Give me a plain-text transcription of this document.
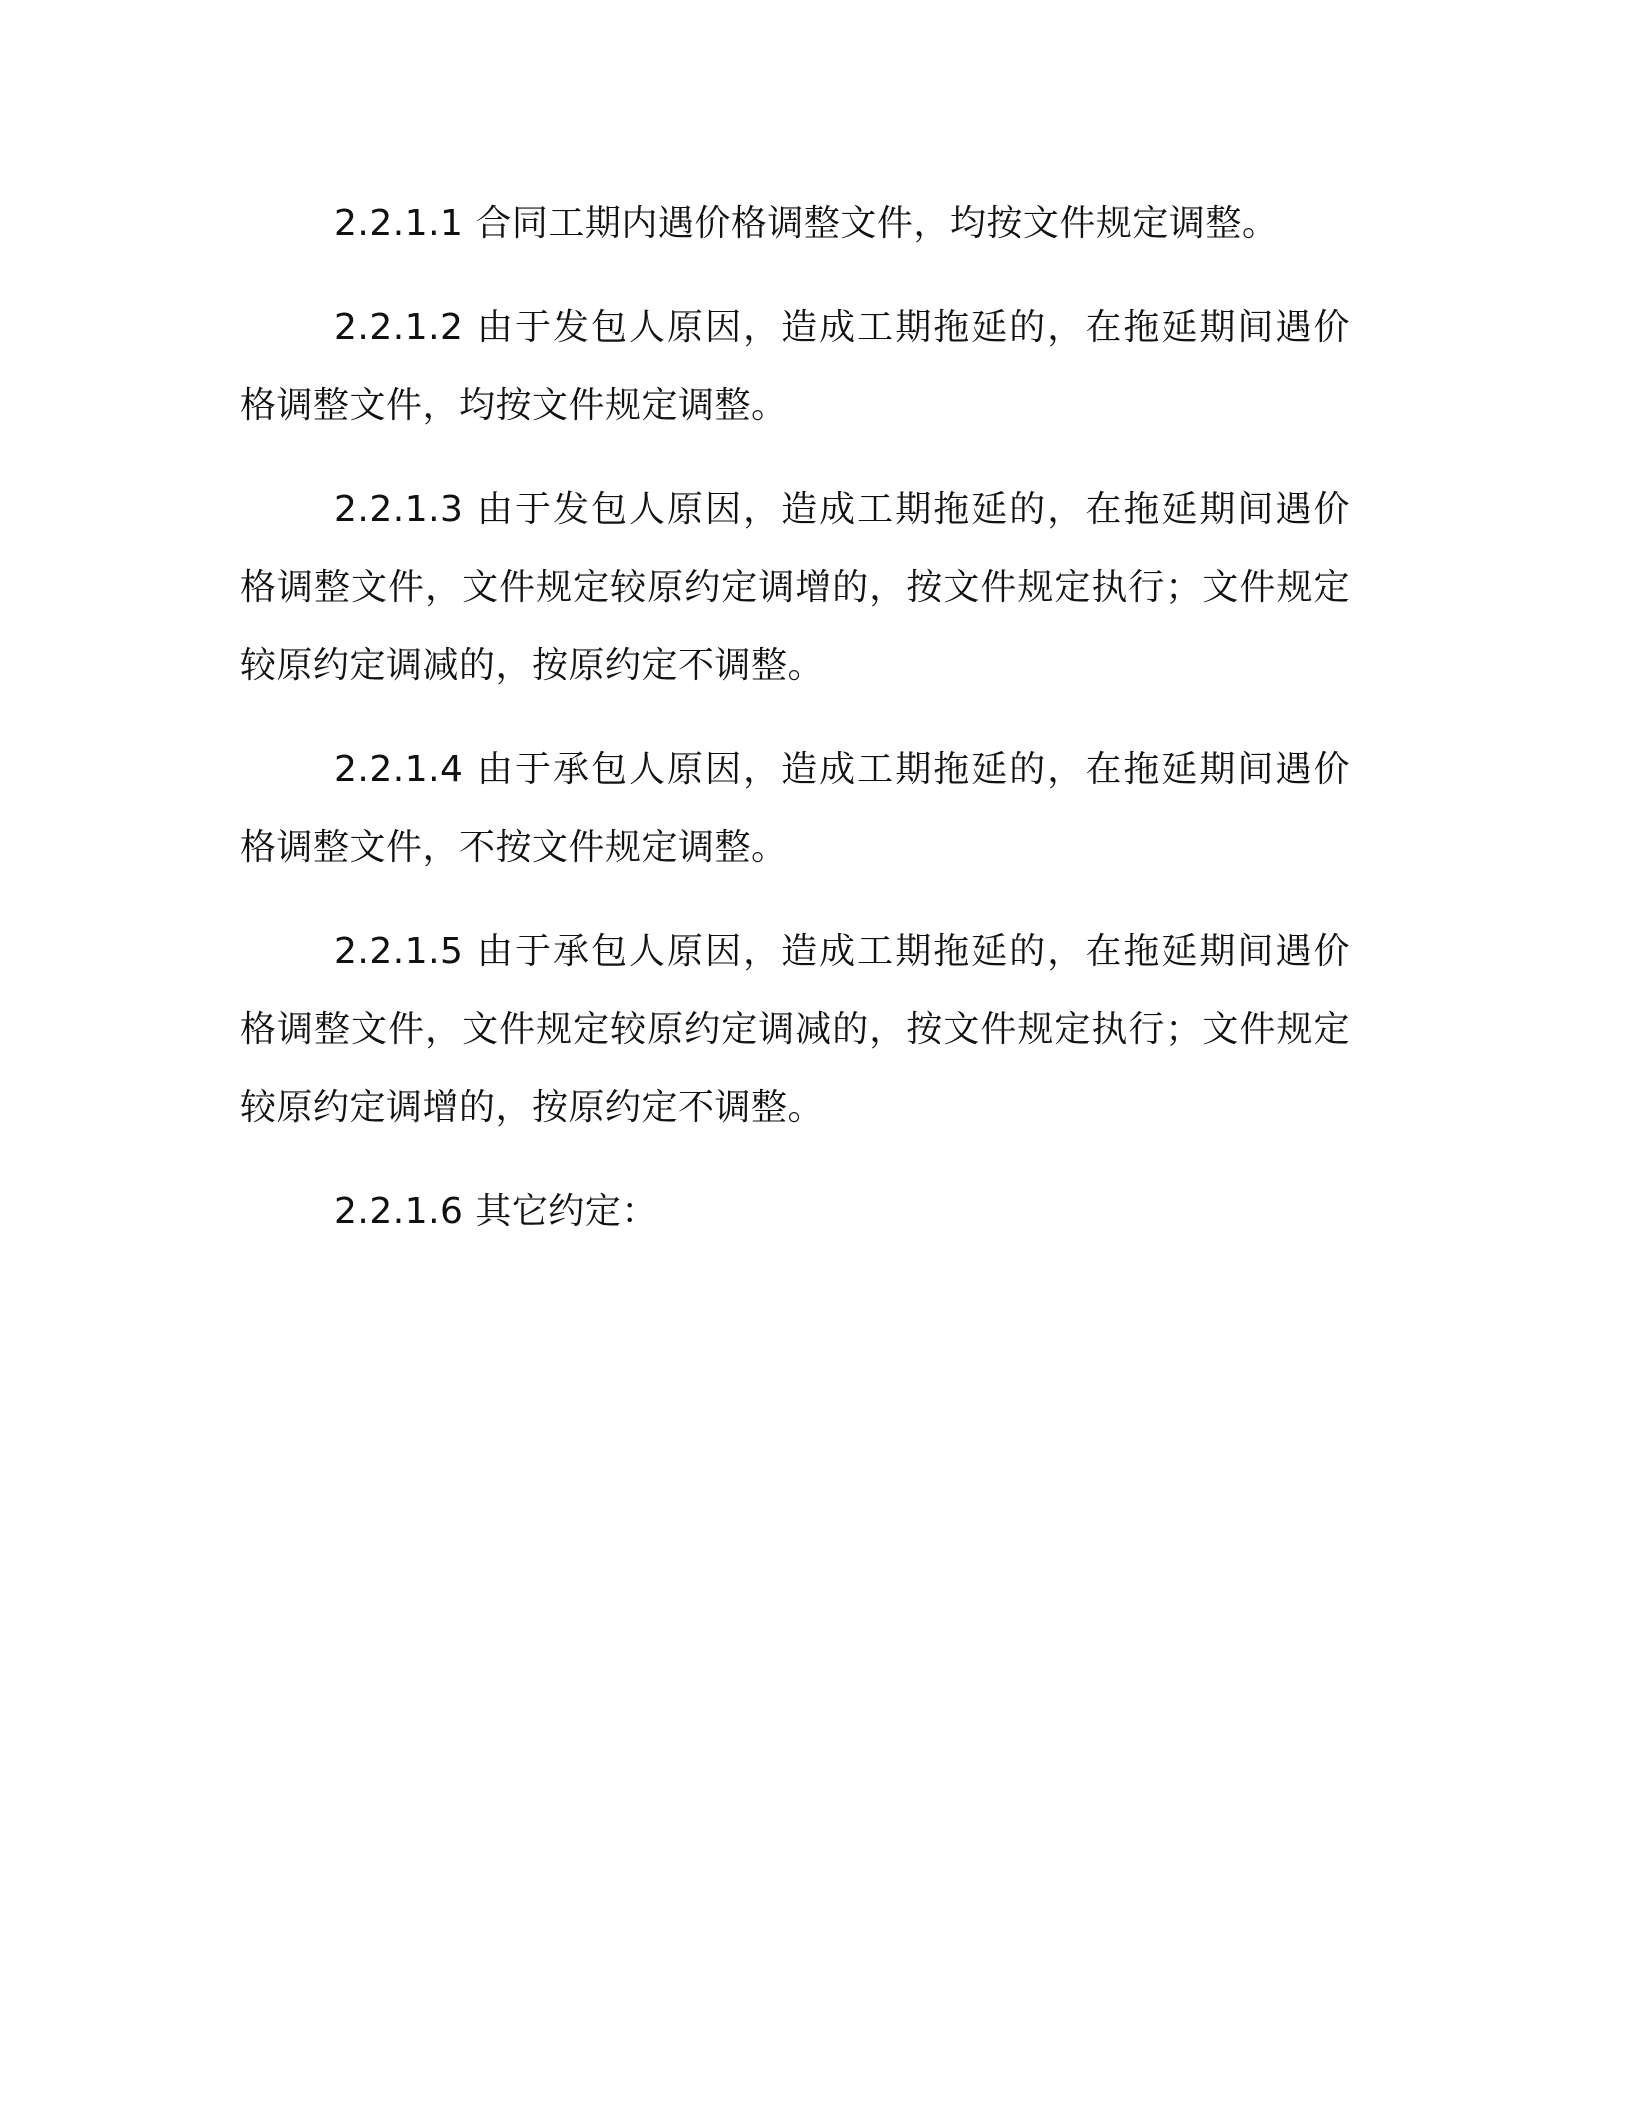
2.2.1.1 合同工期内遇价格调整文件，均按文件规定调整。

2.2.1.2 由于发包人原因，造成工期拖延的，在拖延期间遇价格调整文件，均按文件规定调整。

2.2.1.3 由于发包人原因，造成工期拖延的，在拖延期间遇价格调整文件，文件规定较原约定调增的，按文件规定执行；文件规定较原约定调减的，按原约定不调整。

2.2.1.4 由于承包人原因，造成工期拖延的，在拖延期间遇价格调整文件，不按文件规定调整。

2.2.1.5 由于承包人原因，造成工期拖延的，在拖延期间遇价格调整文件，文件规定较原约定调减的，按文件规定执行；文件规定较原约定调增的，按原约定不调整。

2.2.1.6 其它约定：
